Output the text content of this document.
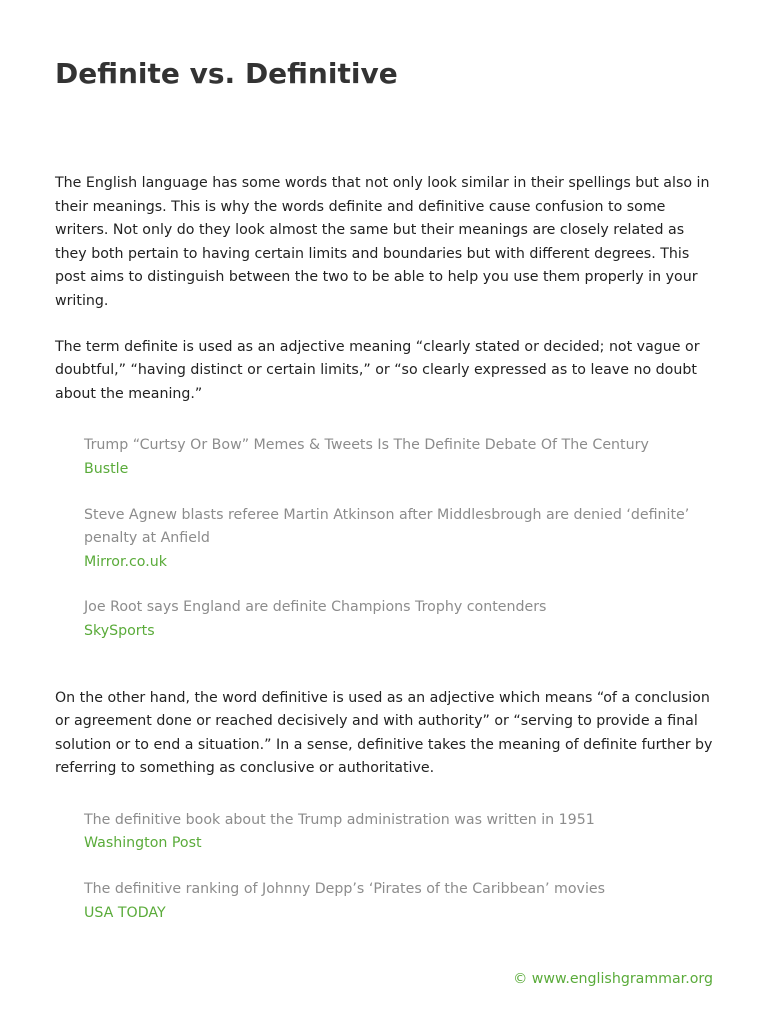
Definite vs. Definitive

The English language has some words that not only look similar in their spellings but also in their meanings. This is why the words definite and definitive cause confusion to some writers. Not only do they look almost the same but their meanings are closely related as they both pertain to having certain limits and boundaries but with different degrees. This post aims to distinguish between the two to be able to help you use them properly in your writing.

The term definite is used as an adjective meaning “clearly stated or decided; not vague or doubtful,” “having distinct or certain limits,” or “so clearly expressed as to leave no doubt about the meaning.”

Trump “Curtsy Or Bow” Memes & Tweets Is The Definite Debate Of The Century
Bustle
Steve Agnew blasts referee Martin Atkinson after Middlesbrough are denied ‘definite’ penalty at Anfield
Mirror.co.uk
Joe Root says England are definite Champions Trophy contenders
SkySports

On the other hand, the word definitive is used as an adjective which means “of a conclusion or agreement done or reached decisively and with authority” or “serving to provide a final solution or to end a situation.” In a sense, definitive takes the meaning of definite further by referring to something as conclusive or authoritative.

The definitive book about the Trump administration was written in 1951
Washington Post
The definitive ranking of Johnny Depp’s ‘Pirates of the Caribbean’ movies
USA TODAY
© www.englishgrammar.org
